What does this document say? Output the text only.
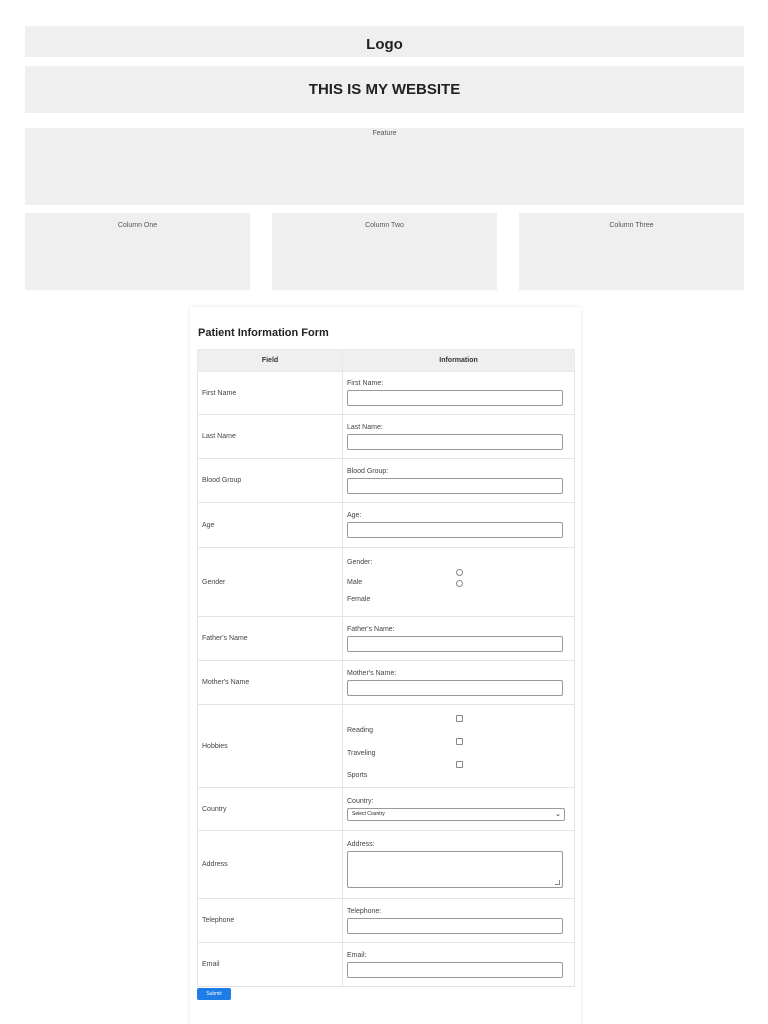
Logo
THIS IS MY WEBSITE
Feature
Column One	Column Two	Column Three
Patient Information Form
Field	Information
First Name	First Name:

Last Name	Last Name:

Blood Group	Blood Group:

Age	Age:

Gender	Gender:
Male
Female

Father's Name	Father's Name:

Mother's Name	Mother's Name:

Hobbies	Reading
Traveling
Sports

Country	Country:
Select Country ⌄

Address	Address:

Telephone	Telephone:

Email	Email:
Submit
